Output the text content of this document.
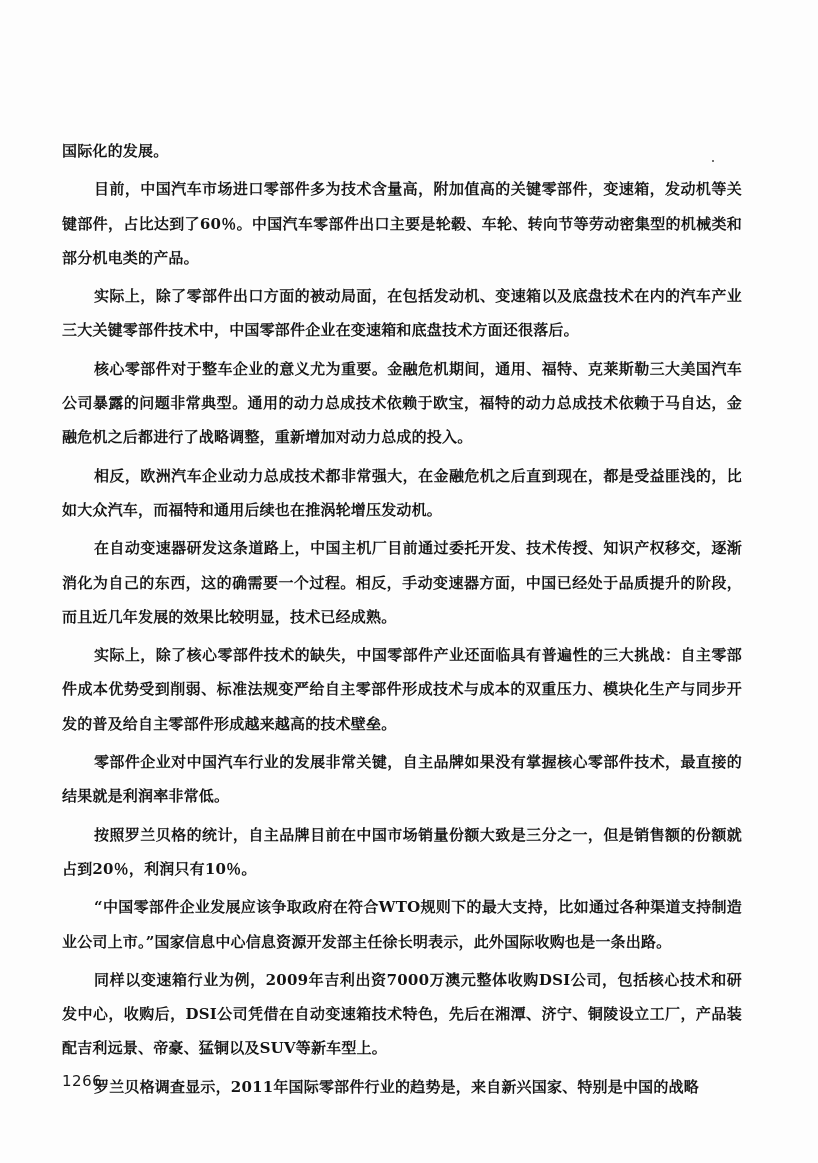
国际化的发展。

目前，中国汽车市场进口零部件多为技术含量高，附加值高的关键零部件，变速箱，发动机等关键部件，占比达到了60％。中国汽车零部件出口主要是轮毂、车轮、转向节等劳动密集型的机械类和部分机电类的产品。

实际上，除了零部件出口方面的被动局面，在包括发动机、变速箱以及底盘技术在内的汽车产业三大关键零部件技术中，中国零部件企业在变速箱和底盘技术方面还很落后。

核心零部件对于整车企业的意义尤为重要。金融危机期间，通用、福特、克莱斯勒三大美国汽车公司暴露的问题非常典型。通用的动力总成技术依赖于欧宝，福特的动力总成技术依赖于马自达，金融危机之后都进行了战略调整，重新增加对动力总成的投入。

相反，欧洲汽车企业动力总成技术都非常强大，在金融危机之后直到现在，都是受益匪浅的，比如大众汽车，而福特和通用后续也在推涡轮增压发动机。

在自动变速器研发这条道路上，中国主机厂目前通过委托开发、技术传授、知识产权移交，逐渐消化为自己的东西，这的确需要一个过程。相反，手动变速器方面，中国已经处于品质提升的阶段，而且近几年发展的效果比较明显，技术已经成熟。

实际上，除了核心零部件技术的缺失，中国零部件产业还面临具有普遍性的三大挑战：自主零部件成本优势受到削弱、标准法规变严给自主零部件形成技术与成本的双重压力、模块化生产与同步开发的普及给自主零部件形成越来越高的技术壁垒。

零部件企业对中国汽车行业的发展非常关键，自主品牌如果没有掌握核心零部件技术，最直接的结果就是利润率非常低。

按照罗兰贝格的统计，自主品牌目前在中国市场销量份额大致是三分之一，但是销售额的份额就占到20％，利润只有10％。

“中国零部件企业发展应该争取政府在符合WTO规则下的最大支持，比如通过各种渠道支持制造业公司上市。”国家信息中心信息资源开发部主任徐长明表示，此外国际收购也是一条出路。

同样以变速箱行业为例，2009年吉利出资7000万澳元整体收购DSI公司，包括核心技术和研发中心，收购后，DSI公司凭借在自动变速箱技术特色，先后在湘潭、济宁、铜陵设立工厂，产品装配吉利远景、帝豪、猛铜以及SUV等新车型上。

罗兰贝格调查显示，2011年国际零部件行业的趋势是，来自新兴国家、特别是中国的战略

1266
